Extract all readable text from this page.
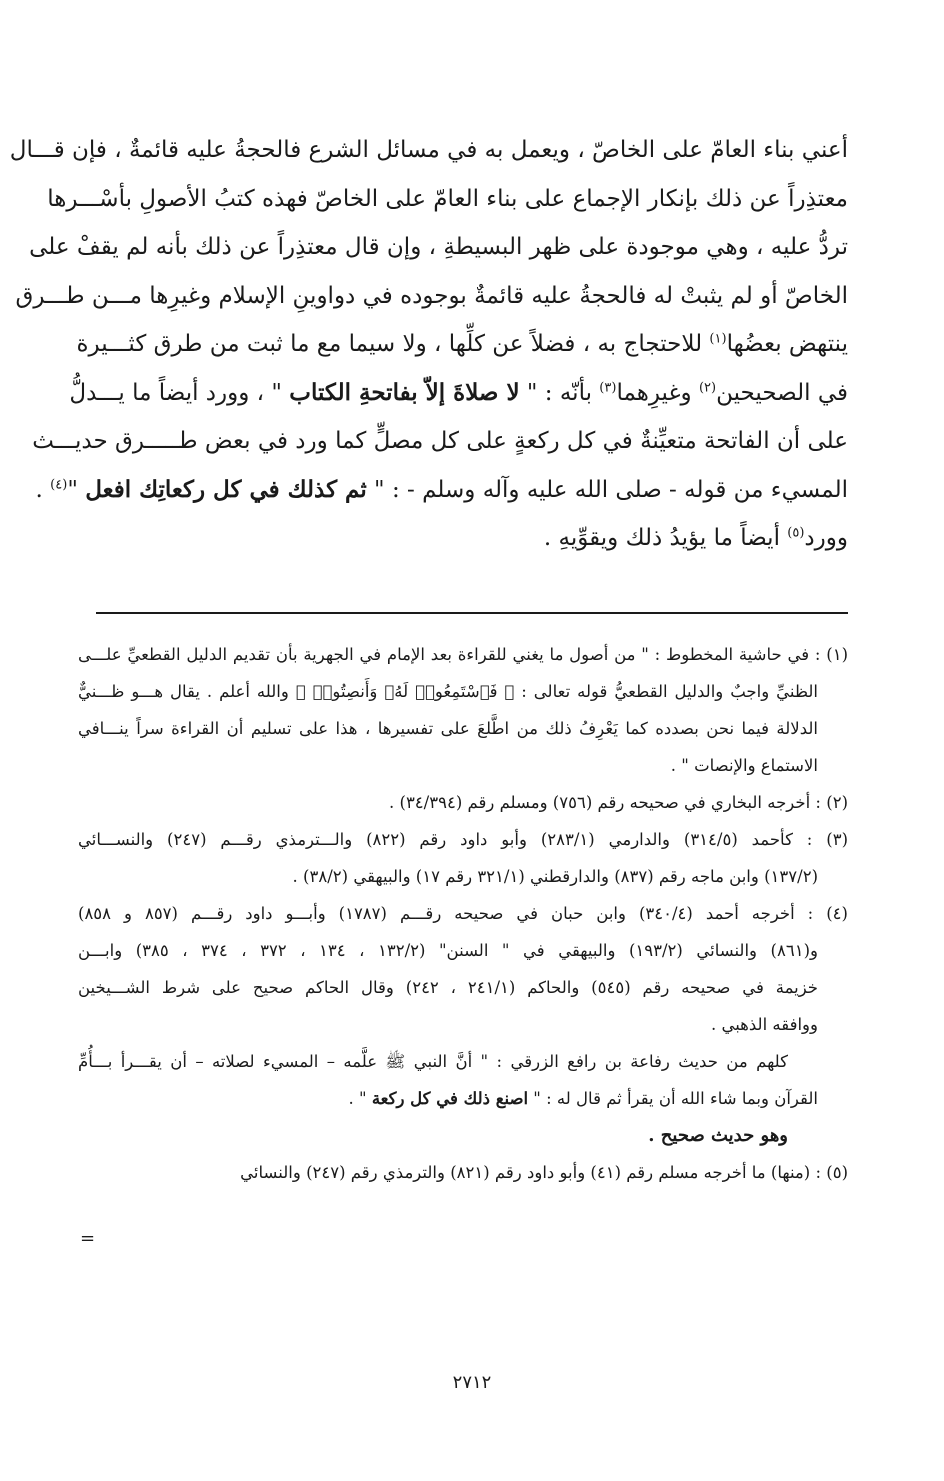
أعني بناء العامّ على الخاصّ ، ويعمل به في مسائل الشرع فالحجةُ عليه قائمةٌ ، فإن قـــال

معتذِراً عن ذلك بإنكار الإجماع على بناء العامّ على الخاصّ فهذه كتبُ الأصولِ بأسْـــرها

تردُّ عليه ، وهي موجودة على ظهر البسيطةِ ، وإن قال معتذِراً عن ذلك بأنه لم يقفْ على

الخاصّ أو لم يثبتْ له فالحجةُ عليه قائمةٌ بوجوده في دواوينِ الإسلام وغيرِها مـــن طـــرق

ينتهض بعضُها$^{(١)}$ للاحتجاج به ، فضلاً عن كلِّها ، ولا سيما مع ما ثبت من طرق كثـــيرة

في الصحيحين$^{(٢)}$ وغيرِهما$^{(٣)}$ بأنّه : " لا صلاةَ إلاّ بفاتحةِ الكتاب " ، وورد أيضاً ما يـــدلُّ

على أن الفاتحة متعيِّنةٌ في كل ركعةٍ على كل مصلٍّ كما ورد في بعض طـــــرق حديـــث

المسيء من قوله - صلى الله عليه وآله وسلم - : " ثم كذلك في كل ركعاتِك افعل "$^{(٤)}$ .

وورد$^{(٥)}$ أيضاً ما يؤيدُ ذلك ويقوِّيهِ .

(١) : في حاشية المخطوط : " من أصول ما يغني للقراءة بعد الإمام في الجهرية بأن تقديم الدليل القطعيِّ علـــى
الظنيِّ واجبٌ والدليل القطعيُّ قوله تعالى : ﴿ فَٱسْتَمِعُوا۟ لَهُۥ وَأَنصِتُوا۟ ﴾ والله أعلم . يقال هـــو ظـــنيٌّ
الدلالة فيما نحن بصدده كما يَعْرِفُ ذلك من اطَّلعَ على تفسيرها ، هذا على تسليم أن القراءة سراً ينـــافي
الاستماع والإنصات " .
(٢) : أخرجه البخاري في صحيحه رقم (٧٥٦) ومسلم رقم (٣٤/٣٩٤) .
(٣) : كأحمد (٣١٤/٥) والدارمي (٢٨٣/١) وأبو داود رقم (٨٢٢) والـــترمذي رقـــم (٢٤٧) والنســـائي
(١٣٧/٢) وابن ماجه رقم (٨٣٧) والدارقطني (٣٢١/١ رقم ١٧) والبيهقي (٣٨/٢) .
(٤) : أخرجه أحمد (٣٤٠/٤) وابن حبان في صحيحه رقـــم (١٧٨٧) وأبـــو داود رقـــم (٨٥٧ و ٨٥٨)
و(٨٦١) والنسائي (١٩٣/٢) والبيهقي في " السنن" (١٣٢/٢ ، ١٣٤ ، ٣٧٢ ، ٣٧٤ ، ٣٨٥) وابـــن
خزيمة في صحيحه رقم (٥٤٥) والحاكم (٢٤١/١ ، ٢٤٢) وقال الحاكم صحيح على شرط الشـــيخين
ووافقه الذهبي .
كلهم من حديث رفاعة بن رافع الزرقي : " أنَّ النبي ﷺ علَّمه – المسيء لصلاته – أن يقـــرأ بـــأُمِّ
القرآن وبما شاء الله أن يقرأ ثم قال له : " اصنع ذلك في كل ركعة " .
وهو حديث صحيح .
(٥) : (منها) ما أخرجه مسلم رقم (٤١) وأبو داود رقم (٨٢١) والترمذي رقم (٢٤٧) والنسائي
=
٢٧١٢
